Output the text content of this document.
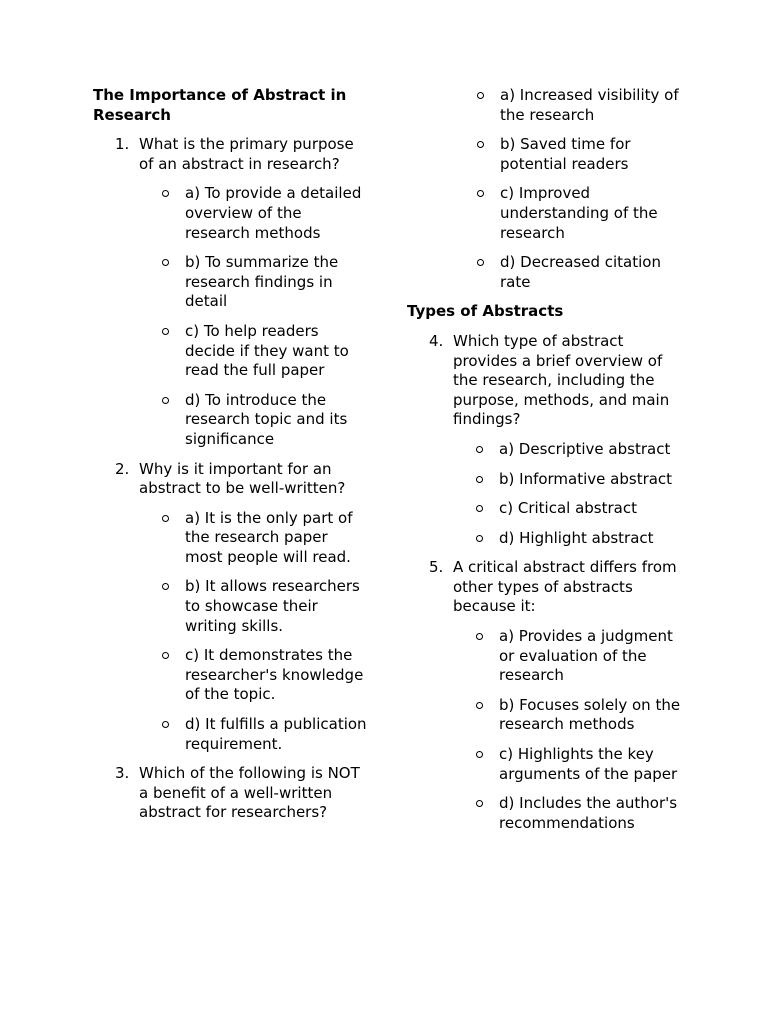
The Importance of Abstract in Research
1. What is the primary purpose of an abstract in research?
a) To provide a detailed overview of the research methods
b) To summarize the research findings in detail
c) To help readers decide if they want to read the full paper
d) To introduce the research topic and its significance
2. Why is it important for an abstract to be well-written?
a) It is the only part of the research paper most people will read.
b) It allows researchers to showcase their writing skills.
c) It demonstrates the researcher's knowledge of the topic.
d) It fulfills a publication requirement.
3. Which of the following is NOT a benefit of a well-written abstract for researchers?
a) Increased visibility of the research
b) Saved time for potential readers
c) Improved understanding of the research
d) Decreased citation rate
Types of Abstracts
4. Which type of abstract provides a brief overview of the research, including the purpose, methods, and main findings?
a) Descriptive abstract
b) Informative abstract
c) Critical abstract
d) Highlight abstract
5. A critical abstract differs from other types of abstracts because it:
a) Provides a judgment or evaluation of the research
b) Focuses solely on the research methods
c) Highlights the key arguments of the paper
d) Includes the author's recommendations
